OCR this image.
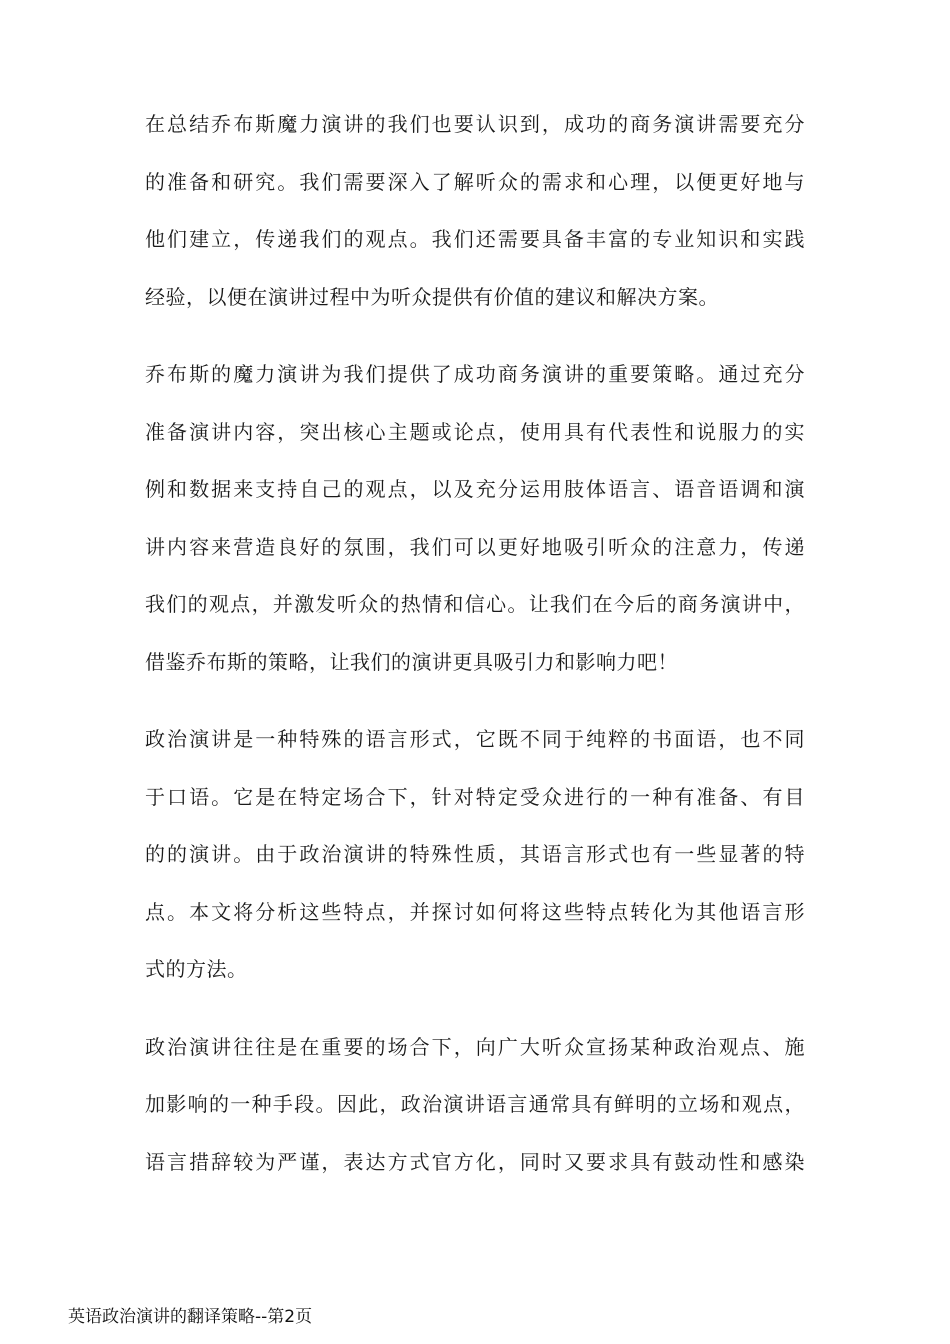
在总结乔布斯魔力演讲的我们也要认识到，成功的商务演讲需要充分
的准备和研究。我们需要深入了解听众的需求和心理，以便更好地与
他们建立，传递我们的观点。我们还需要具备丰富的专业知识和实践
经验，以便在演讲过程中为听众提供有价值的建议和解决方案。
乔布斯的魔力演讲为我们提供了成功商务演讲的重要策略。通过充分
准备演讲内容，突出核心主题或论点，使用具有代表性和说服力的实
例和数据来支持自己的观点，以及充分运用肢体语言、语音语调和演
讲内容来营造良好的氛围，我们可以更好地吸引听众的注意力，传递
我们的观点，并激发听众的热情和信心。让我们在今后的商务演讲中，
借鉴乔布斯的策略，让我们的演讲更具吸引力和影响力吧！
政治演讲是一种特殊的语言形式，它既不同于纯粹的书面语，也不同
于口语。它是在特定场合下，针对特定受众进行的一种有准备、有目
的的演讲。由于政治演讲的特殊性质，其语言形式也有一些显著的特
点。本文将分析这些特点，并探讨如何将这些特点转化为其他语言形
式的方法。
政治演讲往往是在重要的场合下，向广大听众宣扬某种政治观点、施
加影响的一种手段。因此，政治演讲语言通常具有鲜明的立场和观点，
语言措辞较为严谨，表达方式官方化，同时又要求具有鼓动性和感染
英语政治演讲的翻译策略--第2页
